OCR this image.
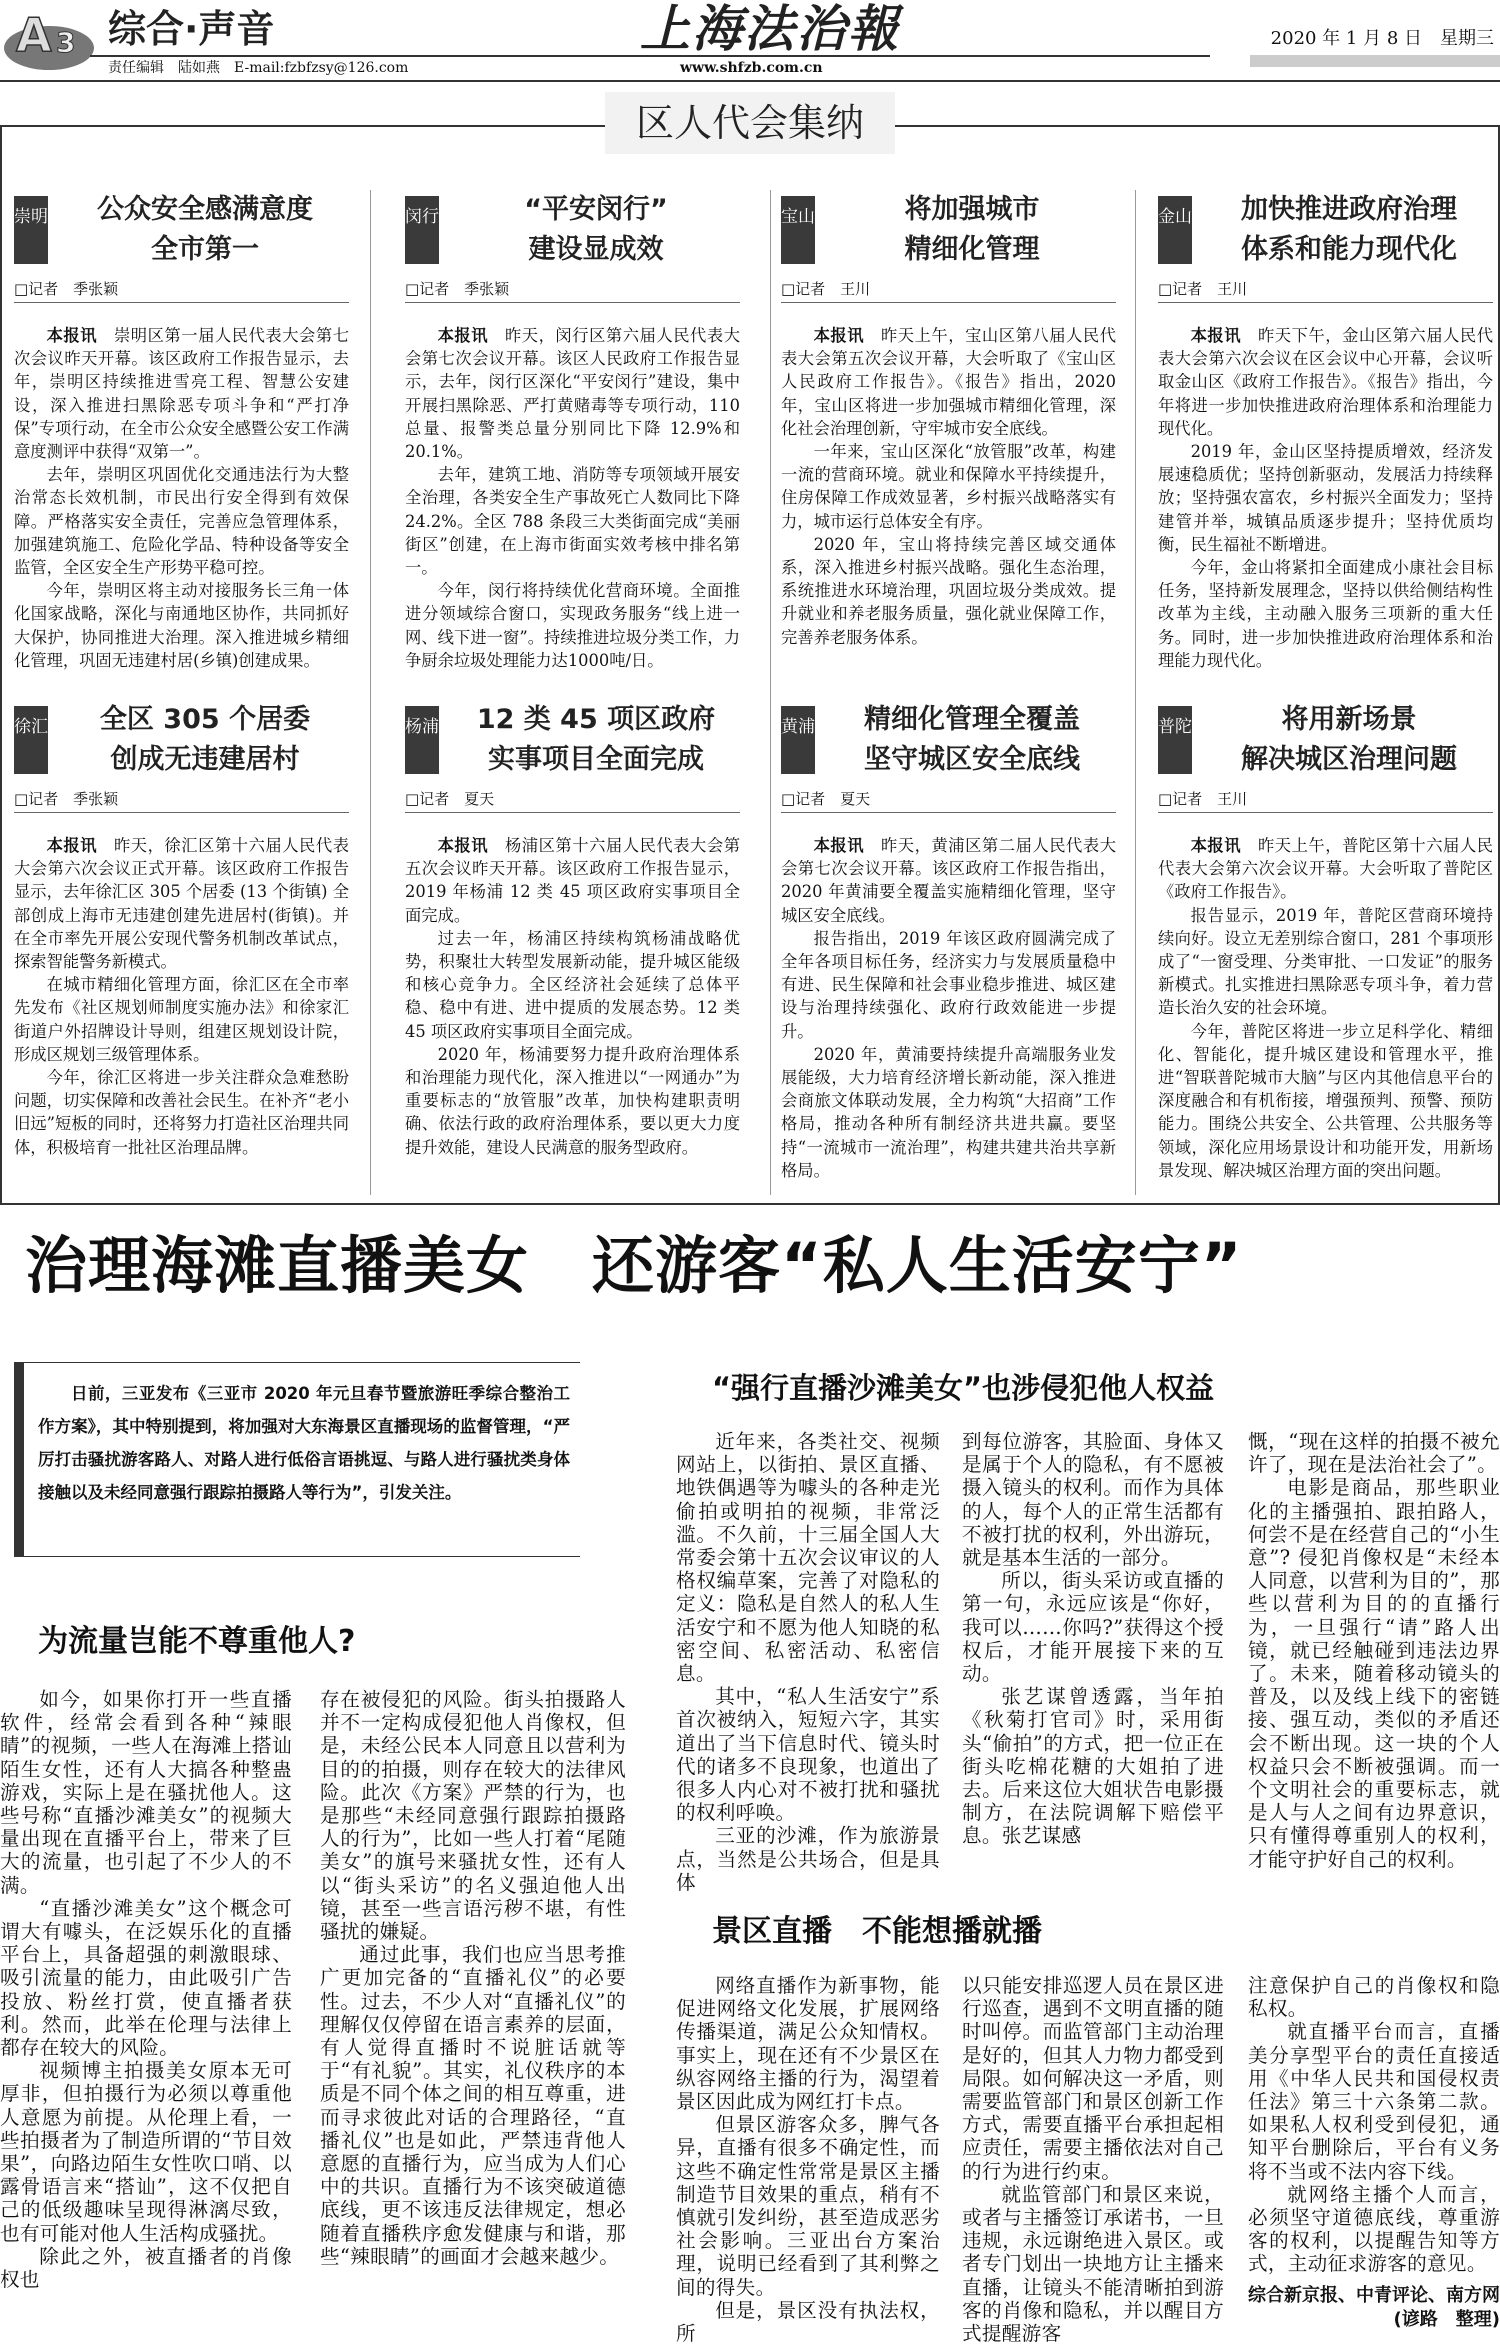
A 3 综合·声音
责任编辑　陆如燕　E-mail:fzbfzsy@126.com
上海法治報
www.shfzb.com.cn
2020 年 1 月 8 日　星期三
区人代会集纳
崇明	公众安全感满意度
全市第一
□记者　季张颖

本报讯　 崇明区第一届人民代表大会第七次会议昨天开幕。该区政府工作报告显示，去年，崇明区持续推进雪亮工程、智慧公安建设，深入推进扫黑除恶专项斗争和“严打净保”专项行动，在全市公众安全感暨公安工作满意度测评中获得“双第一”。

去年，崇明区巩固优化交通违法行为大整治常态长效机制，市民出行安全得到有效保障。严格落实安全责任，完善应急管理体系，加强建筑施工、危险化学品、特种设备等安全监管，全区安全生产形势平稳可控。

今年，崇明区将主动对接服务长三角一体化国家战略，深化与南通地区协作，共同抓好大保护，协同推进大治理。深入推进城乡精细化管理，巩固无违建村居(乡镇)创建成果。

闵行	“平安闵行”
建设显成效
□记者　季张颖

本报讯　 昨天，闵行区第六届人民代表大会第七次会议开幕。该区人民政府工作报告显示，去年，闵行区深化“平安闵行”建设，集中开展扫黑除恶、严打黄赌毒等专项行动，110 总量、报警类总量分别同比下降 12.9%和 20.1%。

去年，建筑工地、消防等专项领域开展安全治理，各类安全生产事故死亡人数同比下降 24.2%。全区 788 条段三大类街面完成“美丽街区”创建，在上海市街面实效考核中排名第一。

今年，闵行将持续优化营商环境。全面推进分领域综合窗口，实现政务服务“线上进一网、线下进一窗”。持续推进垃圾分类工作，力争厨余垃圾处理能力达1000吨/日。

宝山	将加强城市
精细化管理
□记者　王川

本报讯　 昨天上午，宝山区第八届人民代表大会第五次会议开幕，大会听取了《宝山区人民政府工作报告》。《报告》指出，2020 年，宝山区将进一步加强城市精细化管理，深化社会治理创新，守牢城市安全底线。

一年来，宝山区深化“放管服”改革，构建一流的营商环境。就业和保障水平持续提升，住房保障工作成效显著，乡村振兴战略落实有力，城市运行总体安全有序。

2020 年，宝山将持续完善区域交通体系，深入推进乡村振兴战略。强化生态治理，系统推进水环境治理，巩固垃圾分类成效。提升就业和养老服务质量，强化就业保障工作，完善养老服务体系。

金山	加快推进政府治理
体系和能力现代化
□记者　王川

本报讯　 昨天下午，金山区第六届人民代表大会第六次会议在区会议中心开幕，会议听取金山区《政府工作报告》。《报告》指出，今年将进一步加快推进政府治理体系和治理能力现代化。

2019 年，金山区坚持提质增效，经济发展速稳质优；坚持创新驱动，发展活力持续释放；坚持强农富农，乡村振兴全面发力；坚持建管并举，城镇品质逐步提升；坚持优质均衡，民生福祉不断增进。

今年，金山将紧扣全面建成小康社会目标任务，坚持新发展理念，坚持以供给侧结构性改革为主线，主动融入服务三项新的重大任务。同时，进一步加快推进政府治理体系和治理能力现代化。

徐汇	全区 305 个居委
创成无违建居村
□记者　季张颖

本报讯　 昨天，徐汇区第十六届人民代表大会第六次会议正式开幕。该区政府工作报告显示，去年徐汇区 305 个居委 (13 个街镇) 全部创成上海市无违建创建先进居村(街镇)。并在全市率先开展公安现代警务机制改革试点，探索智能警务新模式。

在城市精细化管理方面，徐汇区在全市率先发布《社区规划师制度实施办法》和徐家汇街道户外招牌设计导则，组建区规划设计院，形成区规划三级管理体系。

今年，徐汇区将进一步关注群众急难愁盼问题，切实保障和改善社会民生。在补齐“老小旧远”短板的同时，还将努力打造社区治理共同体，积极培育一批社区治理品牌。

杨浦	12 类 45 项区政府
实事项目全面完成
□记者　夏天

本报讯　 杨浦区第十六届人民代表大会第五次会议昨天开幕。该区政府工作报告显示，2019 年杨浦 12 类 45 项区政府实事项目全面完成。

过去一年，杨浦区持续构筑杨浦战略优势，积聚壮大转型发展新动能，提升城区能级和核心竞争力。全区经济社会延续了总体平稳、稳中有进、进中提质的发展态势。12 类 45 项区政府实事项目全面完成。

2020 年，杨浦要努力提升政府治理体系和治理能力现代化，深入推进以“一网通办”为重要标志的“放管服”改革，加快构建职责明确、依法行政的政府治理体系，要以更大力度提升效能，建设人民满意的服务型政府。

黄浦	精细化管理全覆盖
坚守城区安全底线
□记者　夏天

本报讯　 昨天，黄浦区第二届人民代表大会第七次会议开幕。该区政府工作报告指出，2020 年黄浦要全覆盖实施精细化管理，坚守城区安全底线。

报告指出，2019 年该区政府圆满完成了全年各项目标任务，经济实力与发展质量稳中有进、民生保障和社会事业稳步推进、城区建设与治理持续强化、政府行政效能进一步提升。

2020 年，黄浦要持续提升高端服务业发展能级，大力培育经济增长新动能，深入推进会商旅文体联动发展，全力构筑“大招商”工作格局，推动各种所有制经济共进共赢。要坚持“一流城市一流治理”，构建共建共治共享新格局。

普陀	将用新场景
解决城区治理问题
□记者　王川

本报讯　 昨天上午，普陀区第十六届人民代表大会第六次会议开幕。大会听取了普陀区《政府工作报告》。

报告显示，2019 年，普陀区营商环境持续向好。设立无差别综合窗口，281 个事项形成了“一窗受理、分类审批、一口发证”的服务新模式。扎实推进扫黑除恶专项斗争，着力营造长治久安的社会环境。

今年，普陀区将进一步立足科学化、精细化、智能化，提升城区建设和管理水平，推进“智联普陀城市大脑”与区内其他信息平台的深度融合和有机衔接，增强预判、预警、预防能力。围绕公共安全、公共管理、公共服务等领域，深化应用场景设计和功能开发，用新场景发现、解决城区治理方面的突出问题。

治理海滩直播美女　还游客“私人生活安宁”
日前，三亚发布《三亚市 2020 年元旦春节暨旅游旺季综合整治工作方案》，其中特别提到，将加强对大东海景区直播现场的监督管理，“严厉打击骚扰游客路人、对路人进行低俗言语挑逗、与路人进行骚扰类身体接触以及未经同意强行跟踪拍摄路人等行为”，引发关注。
为流量岂能不尊重他人?

如今，如果你打开一些直播软件，经常会看到各种“辣眼睛”的视频，一些人在海滩上搭讪陌生女性，还有人大搞各种整蛊游戏，实际上是在骚扰他人。这些号称“直播沙滩美女”的视频大量出现在直播平台上，带来了巨大的流量，也引起了不少人的不满。

“直播沙滩美女”这个概念可谓大有噱头，在泛娱乐化的直播平台上，具备超强的刺激眼球、吸引流量的能力，由此吸引广告投放、粉丝打赏，使直播者获利。然而，此举在伦理与法律上都存在较大的风险。

视频博主拍摄美女原本无可厚非，但拍摄行为必须以尊重他人意愿为前提。从伦理上看，一些拍摄者为了制造所谓的“节目效果”，向路边陌生女性吹口哨、以露骨语言来“搭讪”，这不仅把自己的低级趣味呈现得淋漓尽致，也有可能对他人生活构成骚扰。

除此之外，被直播者的肖像权也

存在被侵犯的风险。街头拍摄路人并不一定构成侵犯他人肖像权，但是，未经公民本人同意且以营利为目的的拍摄，则存在较大的法律风险。此次《方案》严禁的行为，也是那些“未经同意强行跟踪拍摄路人的行为”，比如一些人打着“尾随美女”的旗号来骚扰女性，还有人以“街头采访”的名义强迫他人出镜，甚至一些言语污秽不堪，有性骚扰的嫌疑。

通过此事，我们也应当思考推广更加完备的“直播礼仪”的必要性。过去，不少人对“直播礼仪”的理解仅仅停留在语言素养的层面，有人觉得直播时不说脏话就等于“有礼貌”。其实，礼仪秩序的本质是不同个体之间的相互尊重，进而寻求彼此对话的合理路径，“直播礼仪”也是如此，严禁违背他人意愿的直播行为，应当成为人们心中的共识。直播行为不该突破道德底线，更不该违反法律规定，想必随着直播秩序愈发健康与和谐，那些“辣眼睛”的画面才会越来越少。

“强行直播沙滩美女”也涉侵犯他人权益

近年来，各类社交、视频网站上，以街拍、景区直播、地铁偶遇等为噱头的各种走光偷拍或明拍的视频，非常泛滥。不久前，十三届全国人大常委会第十五次会议审议的人格权编草案，完善了对隐私的定义：隐私是自然人的私人生活安宁和不愿为他人知晓的私密空间、私密活动、私密信息。

其中，“私人生活安宁”系首次被纳入，短短六字，其实道出了当下信息时代、镜头时代的诸多不良现象，也道出了很多人内心对不被打扰和骚扰的权利呼唤。

三亚的沙滩，作为旅游景点，当然是公共场合，但是具体

到每位游客，其脸面、身体又是属于个人的隐私，有不愿被摄入镜头的权利。而作为具体的人，每个人的正常生活都有不被打扰的权利，外出游玩，就是基本生活的一部分。

所以，街头采访或直播的第一句，永远应该是“你好，我可以……你吗?”获得这个授权后，才能开展接下来的互动。

张艺谋曾透露，当年拍《秋菊打官司》时，采用街头“偷拍”的方式，把一位正在街头吃棉花糖的大姐拍了进去。后来这位大姐状告电影摄制方，在法院调解下赔偿平息。张艺谋感

慨，“现在这样的拍摄不被允许了，现在是法治社会了”。

电影是商品，那些职业化的主播强拍、跟拍路人，何尝不是在经营自己的“小生意”? 侵犯肖像权是“未经本人同意，以营利为目的”，那些以营利为目的的直播行为，一旦强行“请”路人出镜，就已经触碰到违法边界了。未来，随着移动镜头的普及，以及线上线下的密链接、强互动，类似的矛盾还会不断出现。这一块的个人权益只会不断被强调。而一个文明社会的重要标志，就是人与人之间有边界意识，只有懂得尊重别人的权利，才能守护好自己的权利。

景区直播　不能想播就播

网络直播作为新事物，能促进网络文化发展，扩展网络传播渠道，满足公众知情权。事实上，现在还有不少景区在纵容网络主播的行为，渴望着景区因此成为网红打卡点。

但景区游客众多，脾气各异，直播有很多不确定性，而这些不确定性常常是景区主播制造节目效果的重点，稍有不慎就引发纠纷，甚至造成恶劣社会影响。三亚出台方案治理，说明已经看到了其利弊之间的得失。

但是，景区没有执法权，所

以只能安排巡逻人员在景区进行巡查，遇到不文明直播的随时叫停。而监管部门主动治理是好的，但其人力物力都受到局限。如何解决这一矛盾，则需要监管部门和景区创新工作方式，需要直播平台承担起相应责任，需要主播依法对自己的行为进行约束。

就监管部门和景区来说，或者与主播签订承诺书，一旦违规，永远谢绝进入景区。或者专门划出一块地方让主播来直播，让镜头不能清晰拍到游客的肖像和隐私，并以醒目方式提醒游客

注意保护自己的肖像权和隐私权。

就直播平台而言，直播美分享型平台的责任直接适用《中华人民共和国侵权责任法》第三十六条第二款。如果私人权利受到侵犯，通知平台删除后，平台有义务将不当或不法内容下线。

就网络主播个人而言，必须坚守道德底线，尊重游客的权利，以提醒告知等方式，主动征求游客的意见。

综合新京报、中青评论、南方网
(谚路　整理)
